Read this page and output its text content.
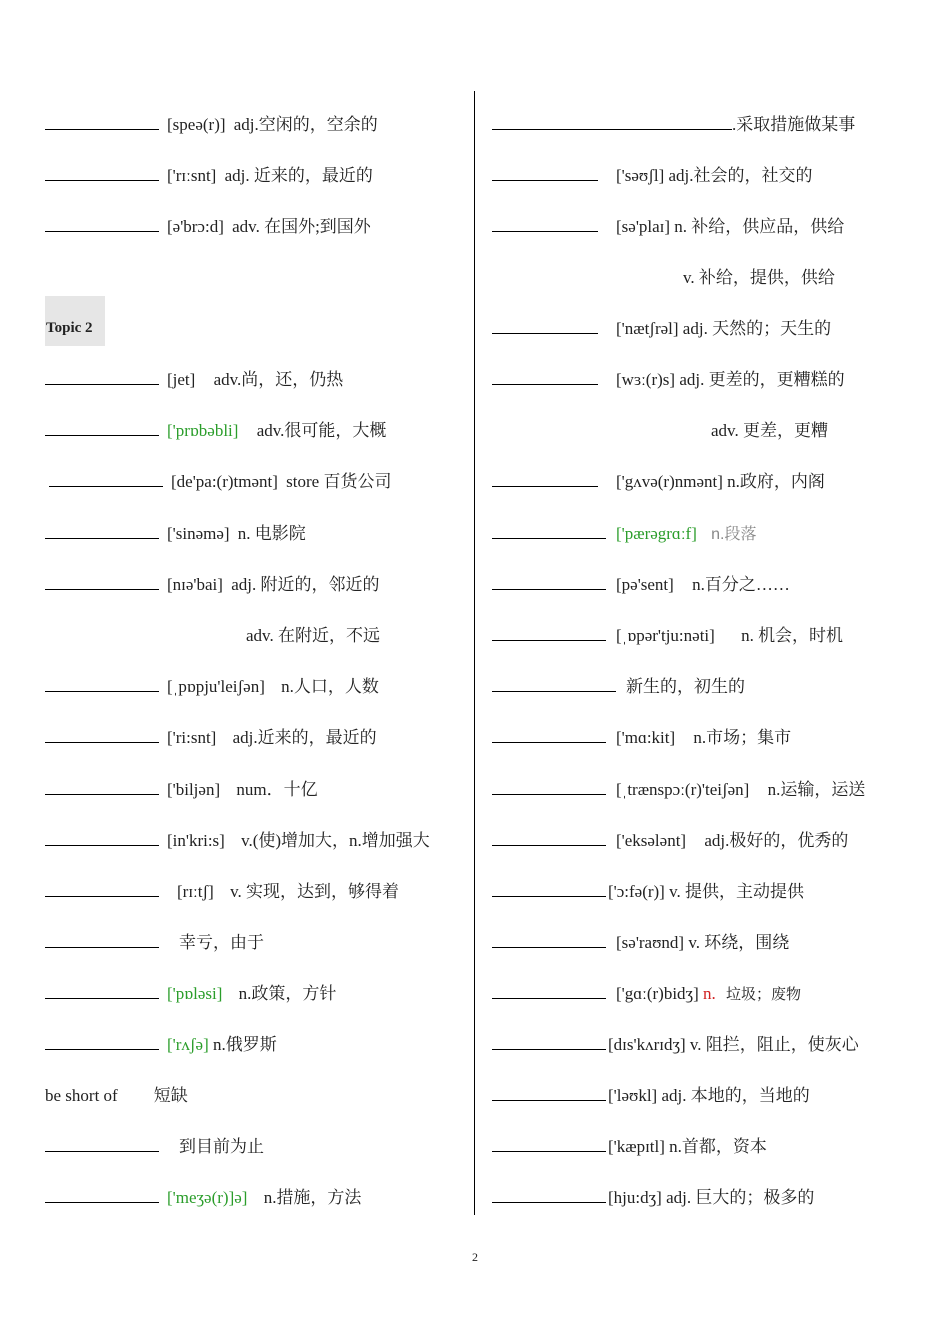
Topic 2
[speə(r)] adj.空闲的，空余的
['rɪːsnt] adj. 近来的，最近的
[ə'brɔ:d] adv. 在国外;到国外
[jet] adv.尚，还，仍热
['prɒbəbli] adv.很可能，大概
[de'pa:(r)tmənt] store 百货公司
['sinəmə] n. 电影院
[nɪə'bai] adj. 附近的，邻近的
adv. 在附近，不远
[ˌpɒpju'leiʃən] n.人口，人数
['ri:snt] adj.近来的，最近的
['biljən] num．十亿
[in'kri:s] v.(使)增加大，n.增加强大
[rɪːtʃ] v. 实现，达到，够得着
幸亏，由于
['pɒləsi] n.政策，方针
['rʌʃə] n.俄罗斯
be short of 短缺
到目前为止
['meʒə(r)]ə] n.措施，方法
.采取措施做某事
['səʊʃl] adj.社会的，社交的
[sə'plaɪ] n. 补给，供应品，供给
v. 补给，提供，供给
['nætʃrəl] adj. 天然的；天生的
[wɜː(r)s] adj. 更差的，更糟糕的
adv. 更差，更糟
['gʌvə(r)nmənt] n.政府，内阁
['pærəgrɑːf] n.段落
[pə'sent] n.百分之……
[ˌɒpər'tju:nəti] n. 机会，时机
新生的，初生的
['mɑ:kit] n.市场；集市
[ˌtrænspɔː(r)'teiʃən] n.运输，运送
['eksələnt] adj.极好的，优秀的
['ɔ:fə(r)] v. 提供，主动提供
[sə'raʊnd] v. 环绕，围绕
['gɑː(r)bidʒ] n. 垃圾；废物
[dɪs'kʌrɪdʒ] v. 阻拦，阻止，使灰心
['ləʊkl] adj. 本地的，当地的
['kæpɪtl] n.首都，资本
[hju:dʒ] adj. 巨大的；极多的
2
